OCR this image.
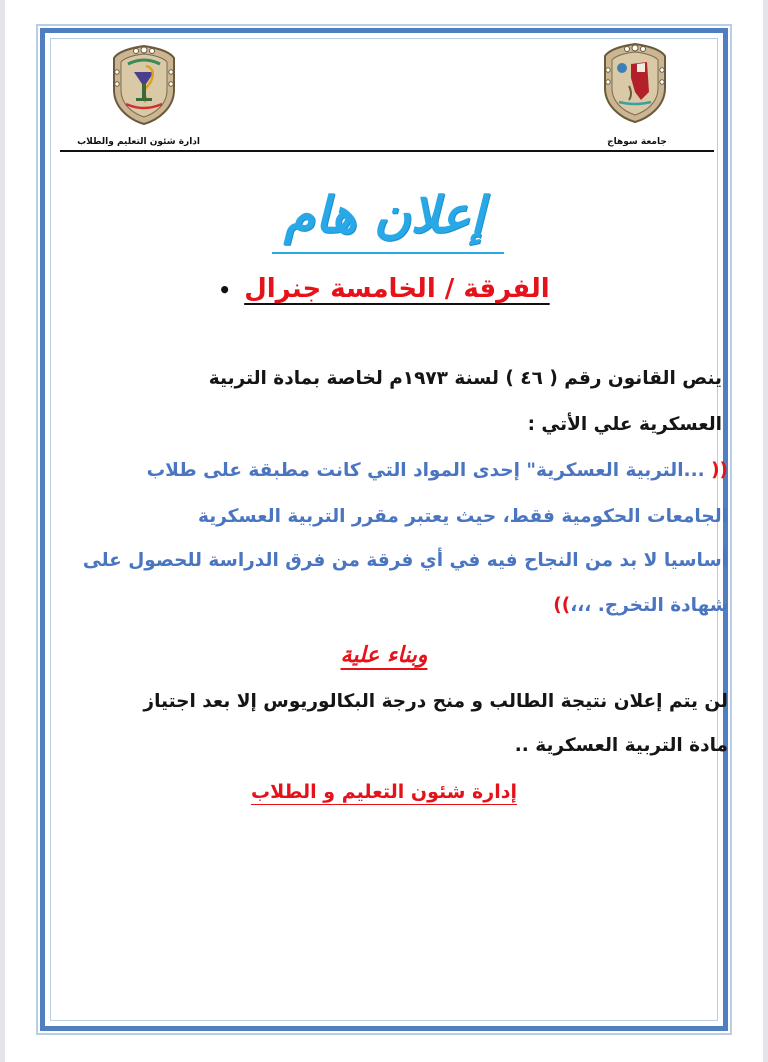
ادارة شئون التعليم والطلاب	جامعة سوهاج
إعلان هام
الفرقة / الخامسة جنرال •
ينص القانون رقم ( ٤٦ ) لسنة ١٩٧٣م لخاصة بمادة التربية
العسكرية علي الأتي :
(( ...التربية العسكرية" إحدى المواد التي كانت مطبقة على طلاب
الجامعات الحكومية فقط، حيث يعتبر مقرر التربية العسكرية
أساسيا لا بد من النجاح فيه في أي فرقة من فرق الدراسة للحصول على
شهادة التخرج. ،،،))
وبناء علية
لن يتم إعلان نتيجة الطالب و منح درجة البكالوريوس إلا بعد اجتياز
مادة التربية العسكرية ..
إدارة شئون التعليم و الطلاب
